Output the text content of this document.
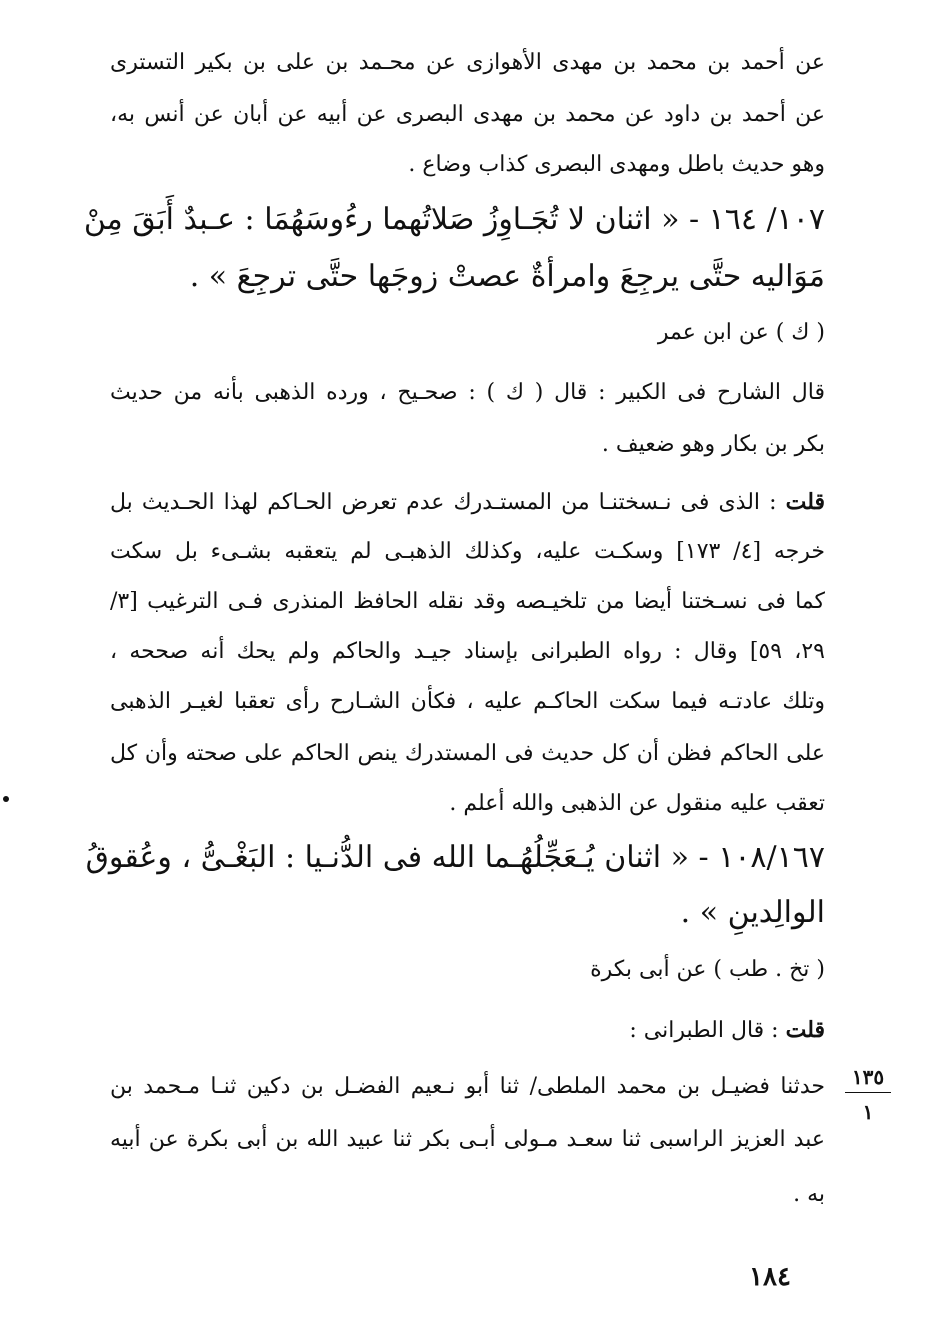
عن أحمد بن محمد بن مهدى الأهوازى عن محـمد بن على بن بكير التسترى
عن أحمد بن داود عن محمد بن مهدى البصرى عن أبيه عن أبان عن أنس به،
وهو حديث باطل ومهدى البصرى كذاب وضاع .
١٠٧/ ١٦٤ - « اثنان لا تُجَـاوِزُ صَلاتُهما رءُوسَهُمَا : عـبدٌ أَبَقَ مِنْ
مَوَاليه حتَّى يرجِعَ وامرأةٌ عصتْ زوجَها حتَّى ترجِعَ » .
( ك ) عن ابن عمر
قال الشارح فى الكبير : قال ( ك ) : صحـيح ، ورده الذهبى بأنه من حديث
بكر بن بكار وهو ضعيف .
قلت : الذى فى نـسختنـا من المستـدرك عدم تعرض الحـاكم لهذا الحـديث بل
خرجه [٤/ ١٧٣] وسكـت عليه، وكذلك الذهبـى لم يتعقبه بشـىء بل سكت
كما فى نسـختنا أيضا من تلخيـصه وقد نقله الحافظ المنذرى فـى الترغيب [٣/
٢٩، ٥٩] وقال : رواه الطبرانى بإسناد جيـد والحاكم ولم يحك أنه صححه ،
وتلك عادتـه فيما سكت الحاكـم عليه ، فكأن الشـارح رأى تعقبا لغيـر الذهبى
على الحاكم فظن أن كل حديث فى المستدرك ينص الحاكم على صحته وأن كل
تعقب عليه منقول عن الذهبى والله أعلم .
١٠٨/١٦٧ - « اثنان يُـعَجِّلُهُـما الله فى الدُّنـيا : البَغْـىُّ ، وعُقوقُ
الوالِدينِ » .
( تخ . طب ) عن أبى بكرة
قلت : قال الطبرانى :
حدثنا فضيـل بن محمد الملطى/ ثنا أبو نـعيم الفضـل بن دكين ثنـا مـحمد بن
عبد العزيز الراسبى ثنا سعـد مـولى أبـى بكر ثنا عبيد الله بن أبى بكرة عن أبيه
به .
١٣٥
١
١٨٤
